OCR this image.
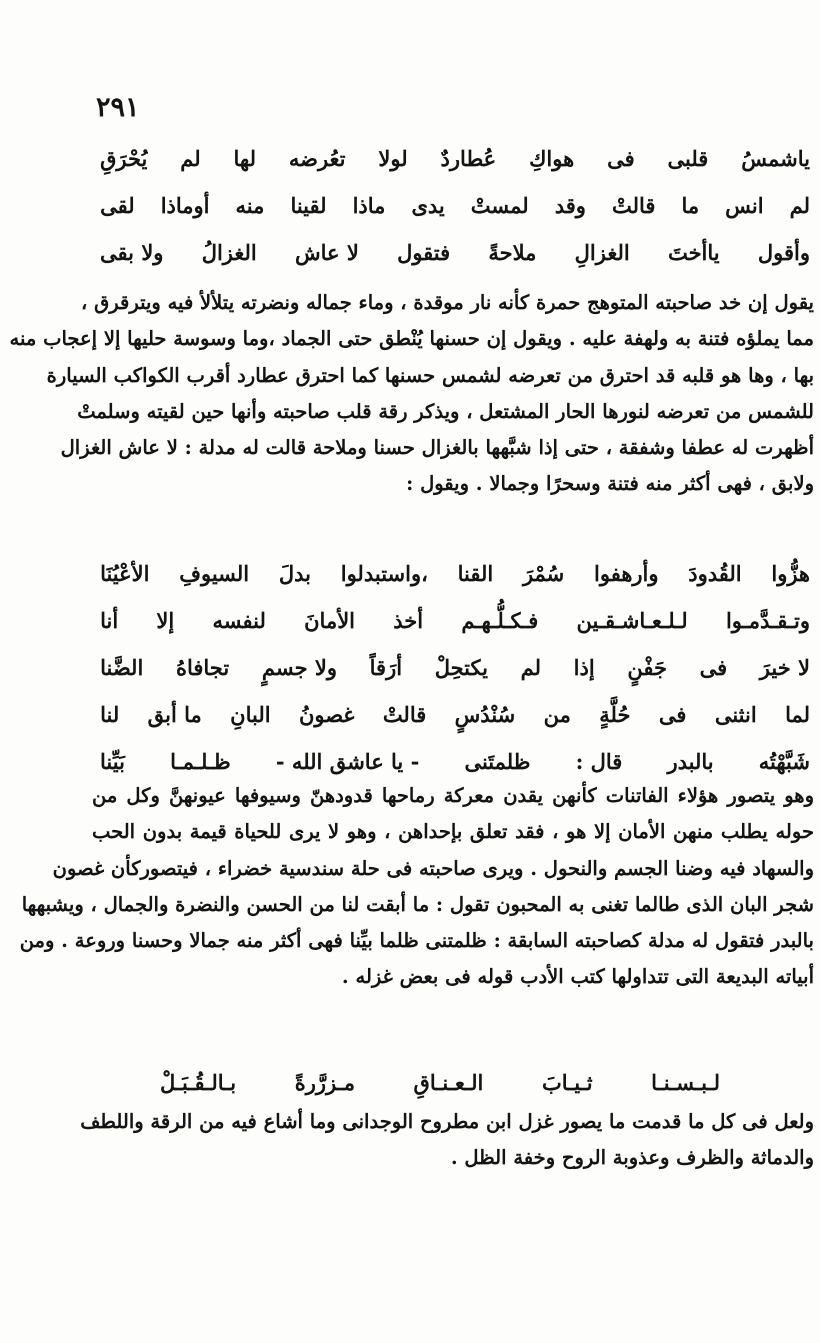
٢٩١
ياشمسُ
قلبى
فى
هواكِ
عُطاردٌ
لولا
تعُرضه
لها
لم
يُحْرَقِ
لم
انس
ما
قالتْ
وقد
لمستْ
يدى
ماذا
لقينا
منه
أوماذا
لقى
وأقول
ياأختَ
الغزالِ
ملاحةً
فتقول
لا عاش
الغزالُ
ولا بقى
يقول إن خد صاحبته المتوهج حمرة كأنه نار موقدة ، وماء جماله ونضرته يتلألأ فيه ويترقرق ،
مما يملؤه فتنة به ولهفة عليه . ويقول إن حسنها يُنْطق حتى الجماد ،وما وسوسة حليها إلا إعجاب منه
بها ، وها هو قلبه قد احترق من تعرضه لشمس حسنها كما احترق عطارد أقرب الكواكب السيارة
للشمس من تعرضه لنورها الحار المشتعل ، ويذكر رقة قلب صاحبته وأنها حين لقيته وسلمتْ
أظهرت له عطفا وشفقة ، حتى إذا شبَّهها بالغزال حسنا وملاحة قالت له مدلة : لا عاش الغزال
ولابق ، فهى أكثر منه فتنة وسحرًا وجمالا . ويقول :
هزُّوا
القُدودَ
وأرهفوا
سُمْرَ
القنا
،واستبدلوا
بدلَ
السيوفِ
الأعْيُنَا
وتـقـدَّمـوا
لـلـعـاشـقـين
فـكـلُّـهـم
أخذ
الأمانَ
لنفسه
إلا
أنا
لا خيرَ
فى
جَفْنٍ
إذا
لم
يكتحِلْ
أرَقاً
ولا جسمٍ
تجافاهُ
الضَّنا
لما
انثنى
فى
حُلَّةٍ
من
سُنْدُسٍ
قالتْ
غصونُ
البانِ
ما أبق
لنا
شَبَّهْتُه
بالبدر
قال :
ظلمتَنى
- يا عاشق الله -
ظـلـمـا
بَيِّنا
وهو يتصور هؤلاء الفاتنات كأنهن يقدن معركة رماحها قدودهنّ وسيوفها عيونهنَّ وكل من
حوله يطلب منهن الأمان إلا هو ، فقد تعلق بإحداهن ، وهو لا يرى للحياة قيمة بدون الحب
والسهاد فيه وضنا الجسم والنحول . ويرى صاحبته فى حلة سندسية خضراء ، فيتصوركأن غصون
شجر البان الذى طالما تغنى به المحبون تقول : ما أبقت لنا من الحسن والنضرة والجمال ، ويشبهها
بالبدر فتقول له مدلة كصاحبته السابقة : ظلمتنى ظلما بيِّنا فهى أكثر منه جمالا وحسنا وروعة . ومن
أبياته البديعة التى تتداولها كتب الأدب قوله فى بعض غزله .
لـبـسـنـا
ثـيـابَ
الـعـنـاقِ
مـزرَّرةً
بـالـقُـبَـلْ
ولعل فى كل ما قدمت ما يصور غزل ابن مطروح الوجدانى وما أشاع فيه من الرقة واللطف
والدماثة والظرف وعذوبة الروح وخفة الظل .
